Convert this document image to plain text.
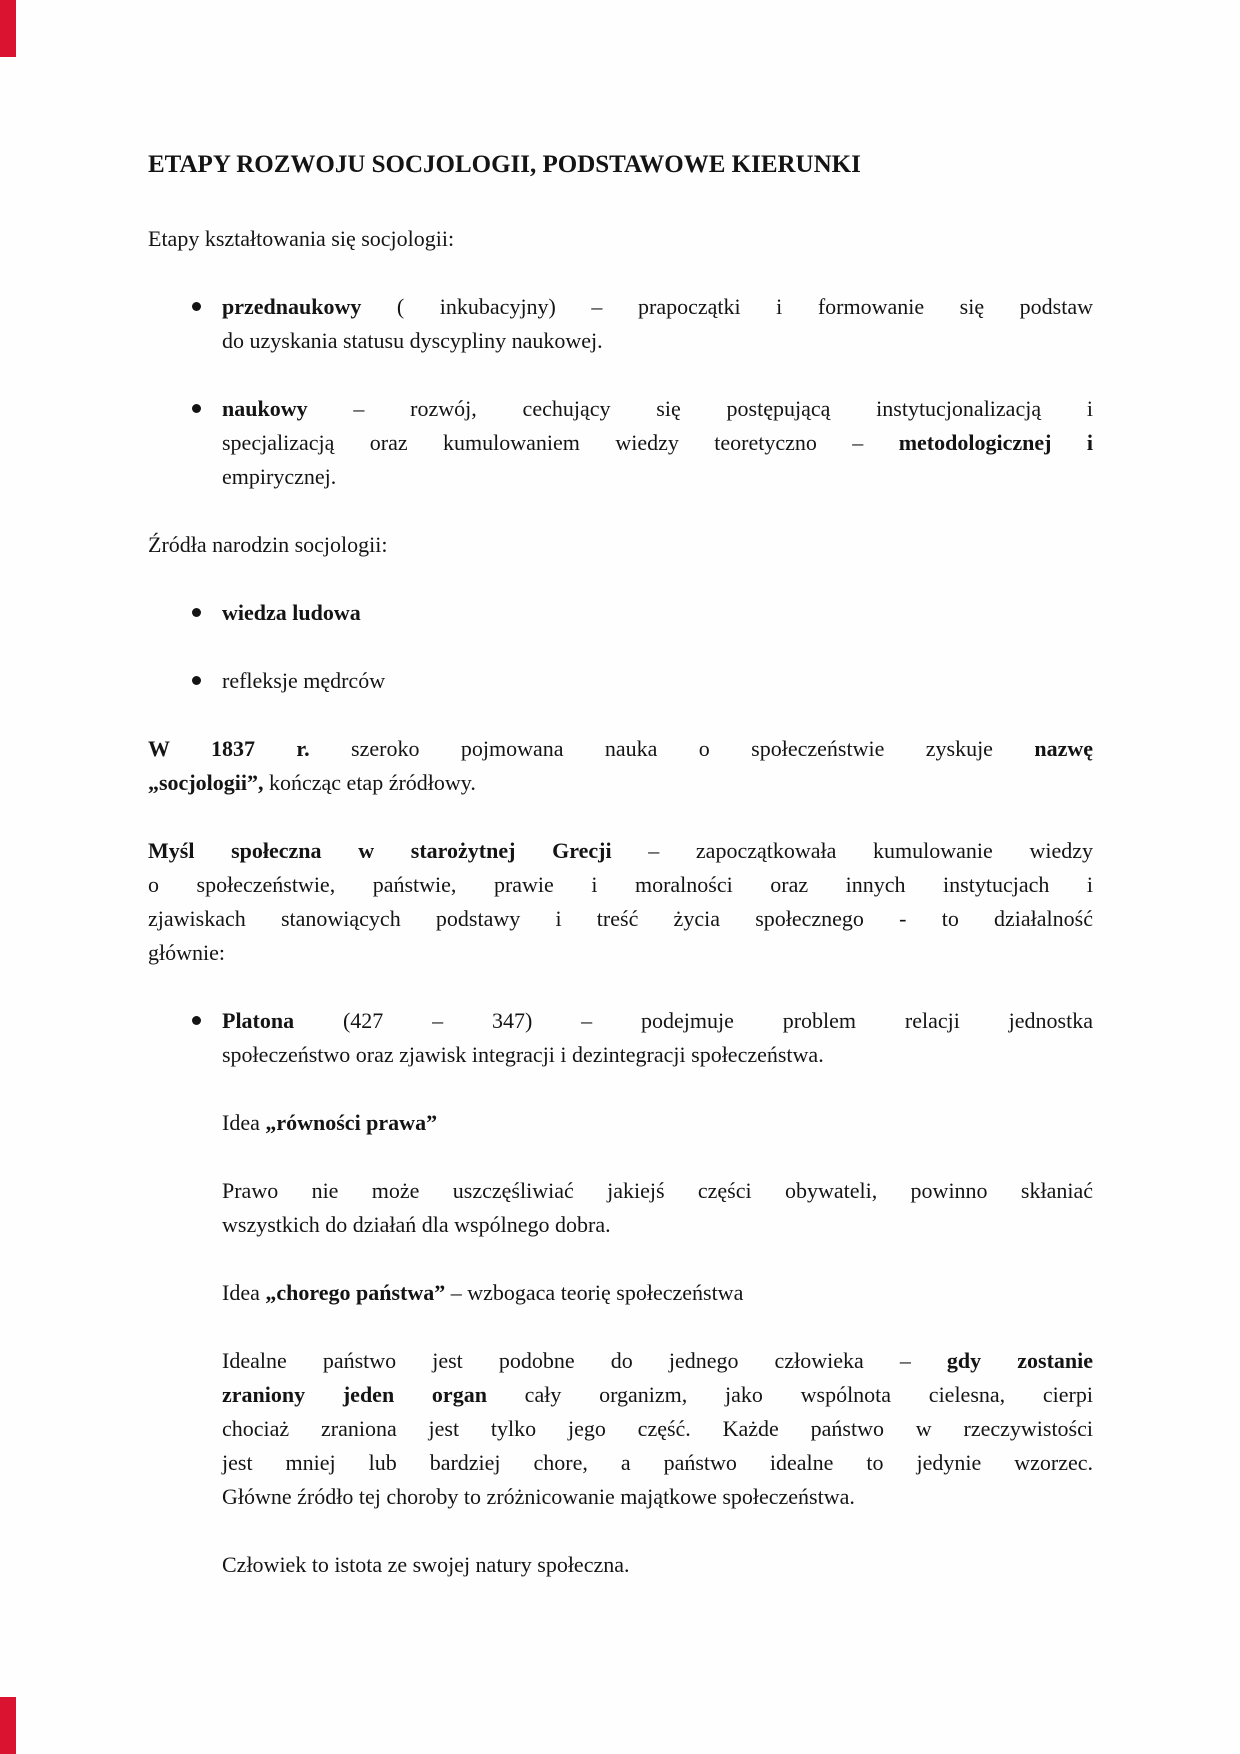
ETAPY ROZWOJU SOCJOLOGII, PODSTAWOWE KIERUNKI

Etapy kształtowania się socjologii:

przednaukowy ( inkubacyjny) – prapoczątki i formowanie się podstaw
do uzyskania statusu dyscypliny naukowej.
naukowy – rozwój, cechujący się postępującą instytucjonalizacją i
specjalizacją oraz kumulowaniem wiedzy teoretyczno – metodologicznej i
empirycznej.

Źródła narodzin socjologii:

wiedza ludowa
refleksje mędrców

W 1837 r. szeroko pojmowana nauka o społeczeństwie zyskuje nazwę
„socjologii”, kończąc etap źródłowy.

Myśl społeczna w starożytnej Grecji – zapoczątkowała kumulowanie wiedzy
o społeczeństwie, państwie, prawie i moralności oraz innych instytucjach i
zjawiskach stanowiących podstawy i treść życia społecznego - to działalność
głównie:

Platona (427 – 347) – podejmuje problem relacji jednostka
społeczeństwo oraz zjawisk integracji i dezintegracji społeczeństwa.

Idea „równości prawa”

Prawo nie może uszczęśliwiać jakiejś części obywateli, powinno skłaniać
wszystkich do działań dla wspólnego dobra.

Idea „chorego państwa” – wzbogaca teorię społeczeństwa

Idealne państwo jest podobne do jednego człowieka – gdy zostanie
zraniony jeden organ cały organizm, jako wspólnota cielesna, cierpi
chociaż zraniona jest tylko jego część. Każde państwo w rzeczywistości
jest mniej lub bardziej chore, a państwo idealne to jedynie wzorzec.
Główne źródło tej choroby to zróżnicowanie majątkowe społeczeństwa.

Człowiek to istota ze swojej natury społeczna.
